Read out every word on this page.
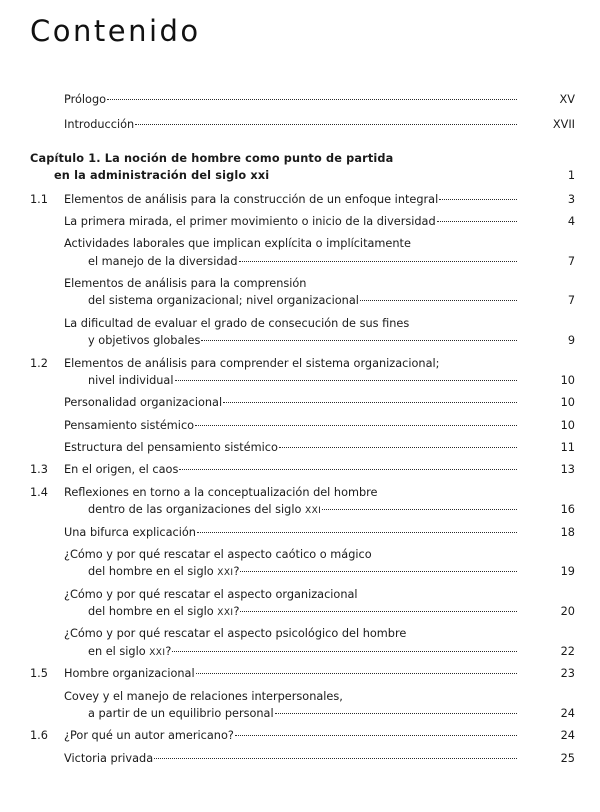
Contenido
Prólogo	XV
Introducción	XVII
Capítulo 1. La noción de hombre como punto de partida
en la administración del siglo xxi	1
1.1	Elementos de análisis para la construcción de un enfoque integral	3
La primera mirada, el primer movimiento o inicio de la diversidad	4
Actividades laborales que implican explícita o implícitamente
el manejo de la diversidad	7
Elementos de análisis para la comprensión
del sistema organizacional; nivel organizacional	7
La dificultad de evaluar el grado de consecución de sus fines
y objetivos globales	9
1.2	Elementos de análisis para comprender el sistema organizacional;
nivel individual	10
Personalidad organizacional	10
Pensamiento sistémico	10
Estructura del pensamiento sistémico	11
1.3	En el origen, el caos	13
1.4	Reflexiones en torno a la conceptualización del hombre
dentro de las organizaciones del siglo XXI	16
Una bifurca explicación	18
¿Cómo y por qué rescatar el aspecto caótico o mágico
del hombre en el siglo XXI?	19
¿Cómo y por qué rescatar el aspecto organizacional
del hombre en el siglo XXI?	20
¿Cómo y por qué rescatar el aspecto psicológico del hombre
en el siglo XXI?	22
1.5	Hombre organizacional	23
Covey y el manejo de relaciones interpersonales,
a partir de un equilibrio personal	24
1.6	¿Por qué un autor americano?	24
Victoria privada	25
